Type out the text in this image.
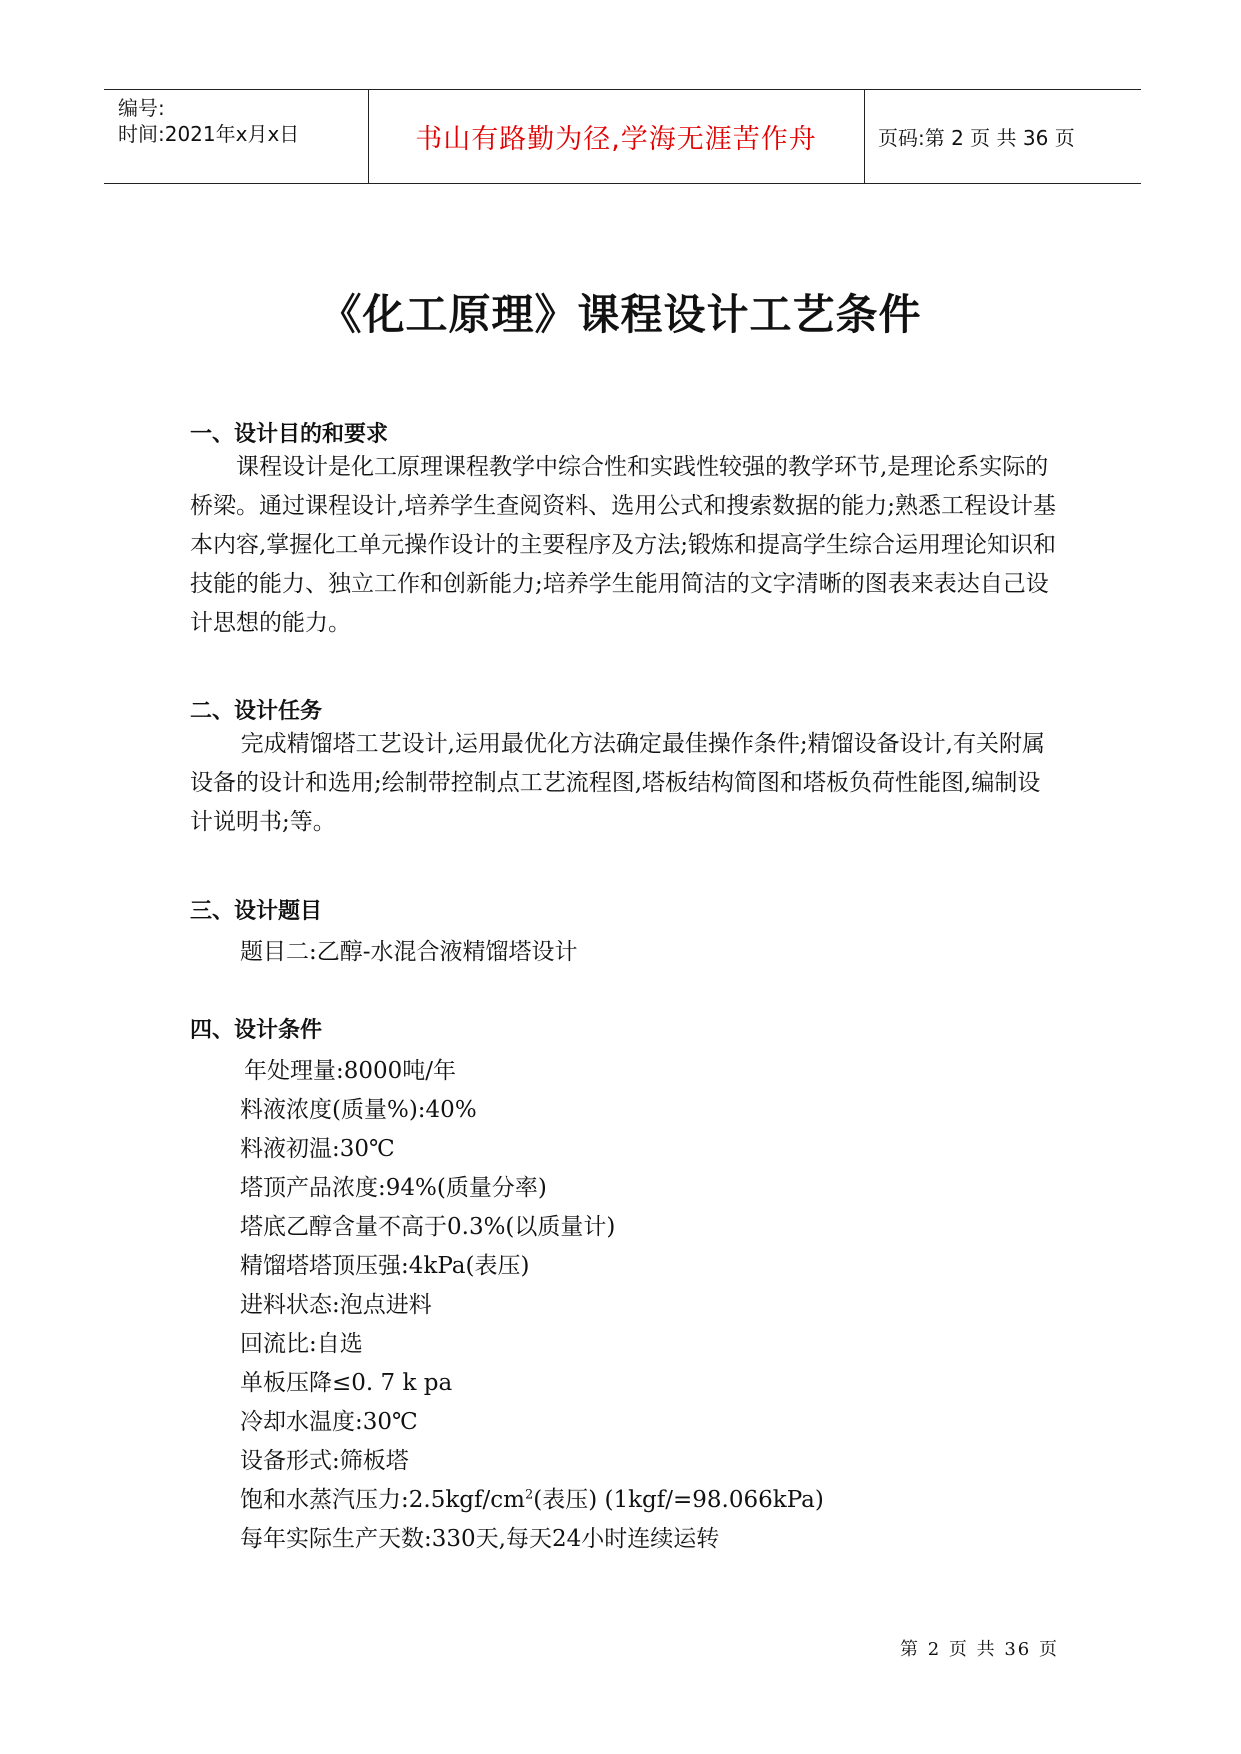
编号:
时间:2021年x月x日	书山有路勤为径,学海无涯苦作舟	页码:第 2 页 共 36 页
《化工原理》课程设计工艺条件
一、设计目的和要求

课程设计是化工原理课程教学中综合性和实践性较强的教学环节,是理论系实际的桥梁。通过课程设计,培养学生查阅资料、选用公式和搜索数据的能力;熟悉工程设计基本内容,掌握化工单元操作设计的主要程序及方法;锻炼和提高学生综合运用理论知识和技能的能力、独立工作和创新能力;培养学生能用简洁的文字清晰的图表来表达自己设计思想的能力。

二、设计任务

完成精馏塔工艺设计,运用最优化方法确定最佳操作条件;精馏设备设计,有关附属设备的设计和选用;绘制带控制点工艺流程图,塔板结构简图和塔板负荷性能图,编制设计说明书;等。

三、设计题目
题目二:乙醇-水混合液精馏塔设计
四、设计条件
年处理量:8000吨/年
料液浓度(质量%):40%
料液初温:30℃
塔顶产品浓度:94%(质量分率)
塔底乙醇含量不高于0.3%(以质量计)
精馏塔塔顶压强:4kPa(表压)
进料状态:泡点进料
回流比:自选
单板压降≤0. 7 k pa
冷却水温度:30℃
设备形式:筛板塔
饱和水蒸汽压力$:2.5kgf/cm^2$(表压) (1kgf/=98.066kPa)
每年实际生产天数:330天,每天24小时连续运转
第 2 页 共 36 页
